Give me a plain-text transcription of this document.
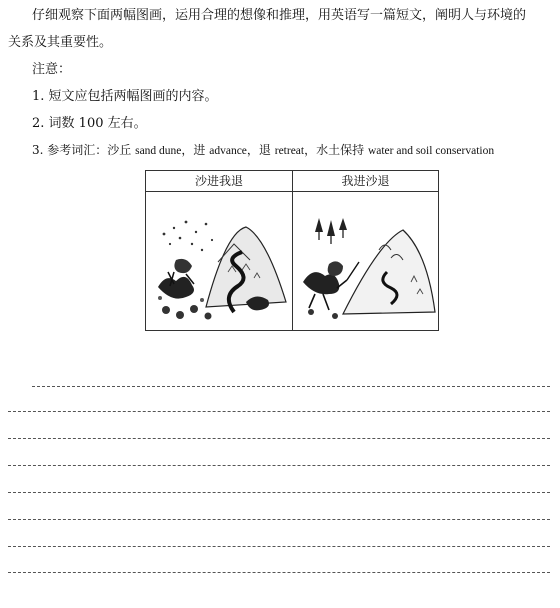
仔细观察下面两幅图画，运用合理的想像和推理，用英语写一篇短文，阐明人与环境的
关系及其重要性。
注意：
1. 短文应包括两幅图画的内容。
2. 词数 100 左右。
3. 参考词汇：沙丘 sand dune，进 advance，退 retreat，水土保持 water and soil conservation
沙进我退	我进沙退
